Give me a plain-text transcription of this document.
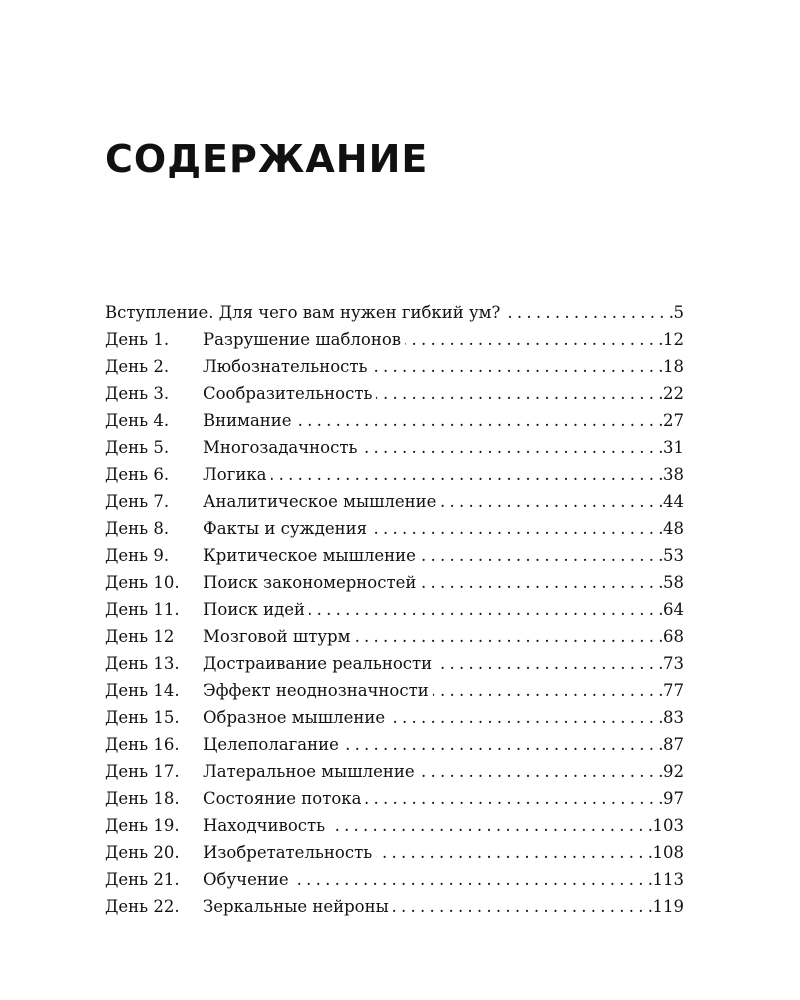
СОДЕРЖАНИЕ
Вступление. Для чего вам нужен гибкий ум? . . .	5
День 1.	Разрушение шаблонов . . .	12
День 2.	Любознательность . . .	18
День 3.	Сообразительность . . .	22
День 4.	Внимание . . .	27
День 5.	Многозадачность . . .	31
День 6.	Логика . . .	38
День 7.	Аналитическое мышление . . .	44
День 8.	Факты и суждения . . .	48
День 9.	Критическое мышление . . .	53
День 10.	Поиск закономерностей . . .	58
День 11.	Поиск идей . . .	64
День 12	Мозговой штурм . . .	68
День 13.	Достраивание реальности . . .	73
День 14.	Эффект неоднозначности . . .	77
День 15.	Образное мышление . . .	83
День 16.	Целеполагание . . .	87
День 17.	Латеральное мышление . . .	92
День 18.	Состояние потока . . .	97
День 19.	Находчивость . . .	103
День 20.	Изобретательность . . .	108
День 21.	Обучение . . .	113
День 22.	Зеркальные нейроны . . .	119
